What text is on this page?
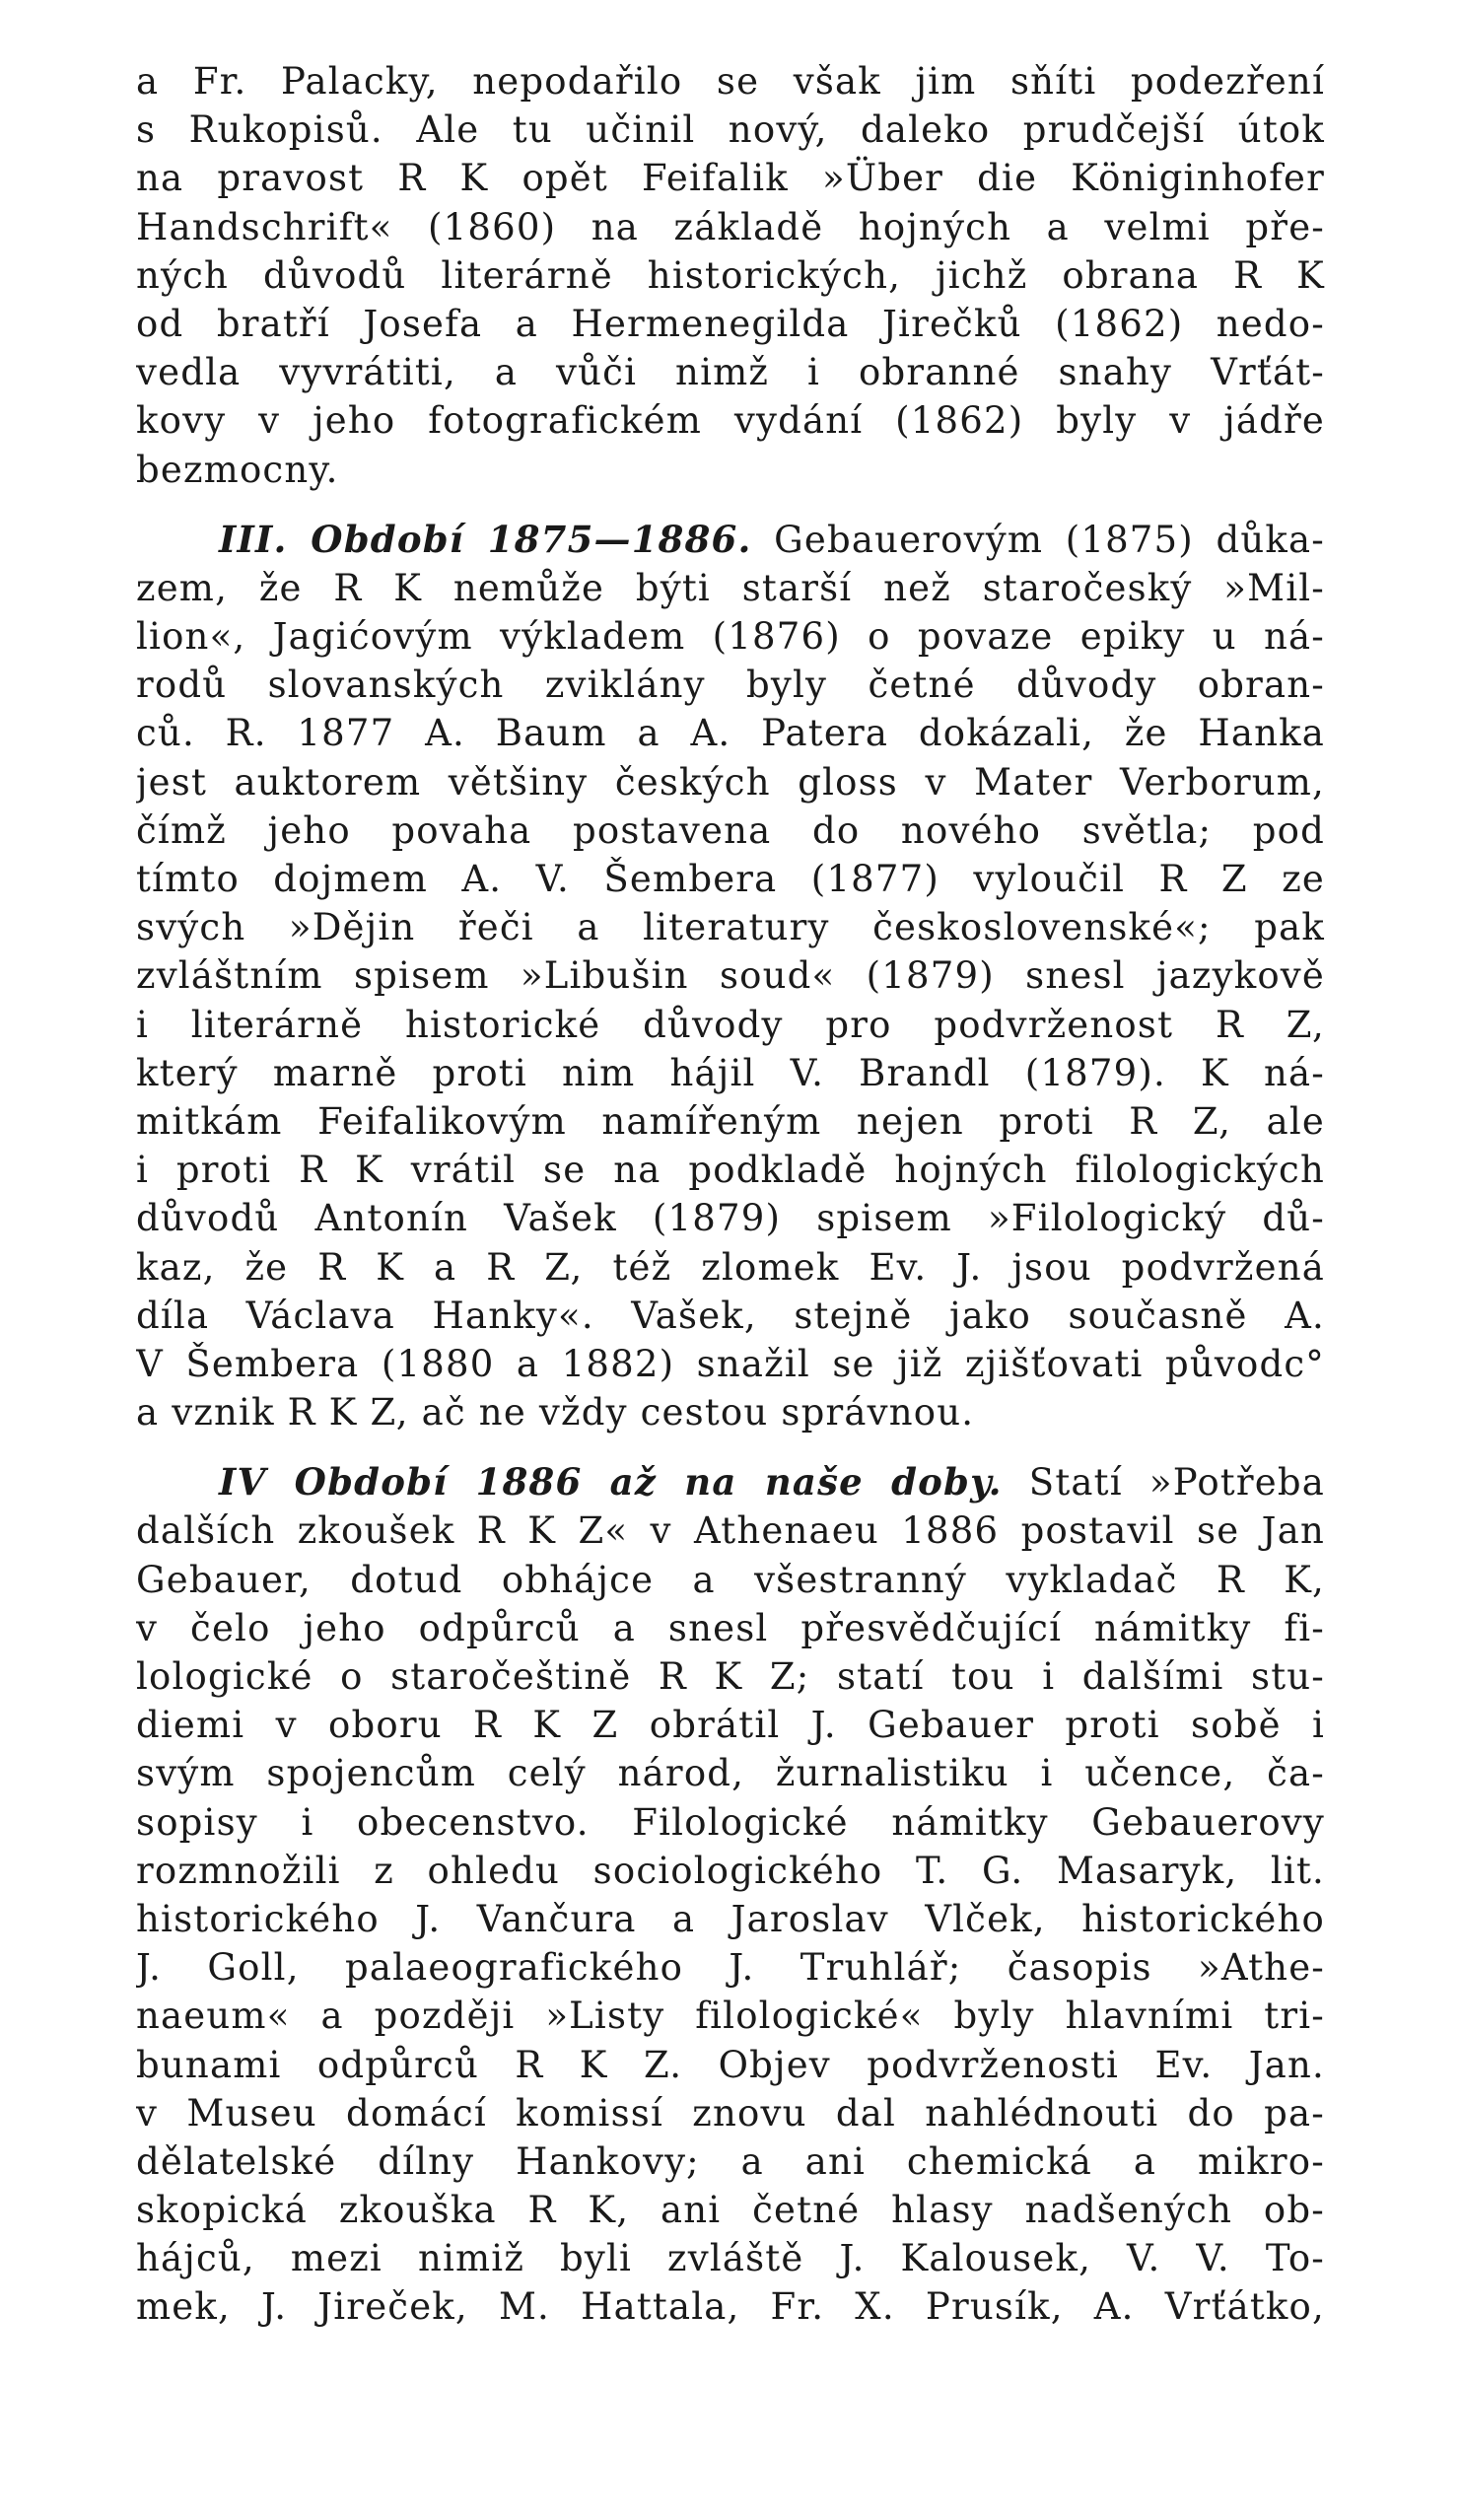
a Fr. Palacky, nepodařilo se však jim sňíti podezření
s Rukopisů. Ale tu učinil nový, daleko prudčejší útok
na pravost R K opět Feifalik »Über die Königinhofer
Handschrift« (1860) na základě hojných a velmi pře-
ných důvodů literárně historických, jichž obrana R K
od bratří Josefa a Hermenegilda Jirečků (1862) nedo-
vedla vyvrátiti, a vůči nimž i obranné snahy Vrťát-
kovy v jeho fotografickém vydání (1862) byly v jádře
bezmocny.
III. Období 1875—1886. Gebauerovým (1875) důka-
zem, že R K nemůže býti starší než staročeský »Mil-
lion«, Jagićovým výkladem (1876) o povaze epiky u ná-
rodů slovanských zviklány byly četné důvody obran-
ců. R. 1877 A. Baum a A. Patera dokázali, že Hanka
jest auktorem většiny českých gloss v Mater Verborum,
čímž jeho povaha postavena do nového světla; pod
tímto dojmem A. V. Šembera (1877) vyloučil R Z ze
svých »Dějin řeči a literatury československé«; pak
zvláštním spisem »Libušin soud« (1879) snesl jazykově
i literárně historické důvody pro podvrženost R Z,
který marně proti nim hájil V. Brandl (1879). K ná-
mitkám Feifalikovým namířeným nejen proti R Z, ale
i proti R K vrátil se na podkladě hojných filologických
důvodů Antonín Vašek (1879) spisem »Filologický dů-
kaz, že R K a R Z, též zlomek Ev. J. jsou podvržená
díla Václava Hanky«. Vašek, stejně jako současně A.
V Šembera (1880 a 1882) snažil se již zjišťovati původc°
a vznik R K Z, ač ne vždy cestou správnou.
IV Období 1886 až na naše doby. Statí »Potřeba
dalších zkoušek R K Z« v Athenaeu 1886 postavil se Jan
Gebauer, dotud obhájce a všestranný vykladač R K,
v čelo jeho odpůrců a snesl přesvědčující námitky fi-
lologické o staročeštině R K Z; statí tou i dalšími stu-
diemi v oboru R K Z obrátil J. Gebauer proti sobě i
svým spojencům celý národ, žurnalistiku i učence, ča-
sopisy i obecenstvo. Filologické námitky Gebauerovy
rozmnožili z ohledu sociologického T. G. Masaryk, lit.
historického J. Vančura a Jaroslav Vlček, historického
J. Goll, palaeografického J. Truhlář; časopis »Athe-
naeum« a později »Listy filologické« byly hlavními tri-
bunami odpůrců R K Z. Objev podvrženosti Ev. Jan.
v Museu domácí komissí znovu dal nahlédnouti do pa-
dělatelské dílny Hankovy; a ani chemická a mikro-
skopická zkouška R K, ani četné hlasy nadšených ob-
hájců, mezi nimiž byli zvláště J. Kalousek, V. V. To-
mek, J. Jireček, M. Hattala, Fr. X. Prusík, A. Vrťátko,
